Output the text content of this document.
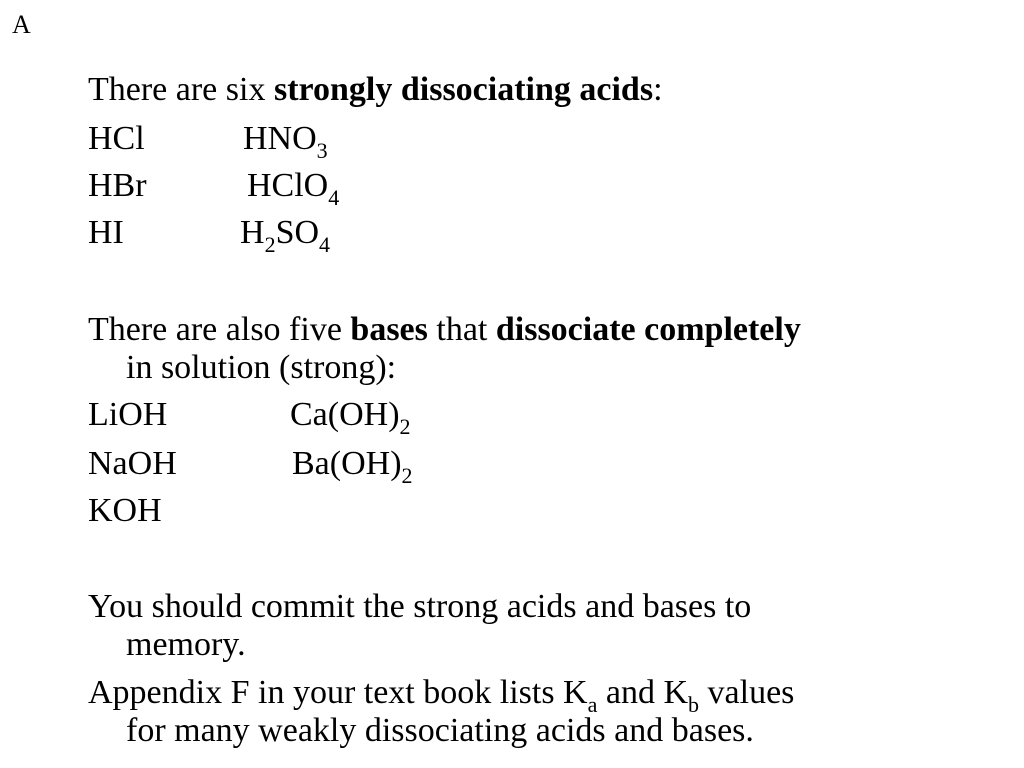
A
There are six strongly dissociating acids:
HCl	$HNO_3$
HBr	HClO$_4$
HI	$H_2SO_4$
There are also five bases that dissociate completely
in solution (strong):
LiOH	$Ca(OH)_2$
NaOH	$Ba(OH)_2$
KOH
You should commit the strong acids and bases to
memory.
Appendix F in your text book lists $K_a$ and $K_b$ values
for many weakly dissociating acids and bases.
